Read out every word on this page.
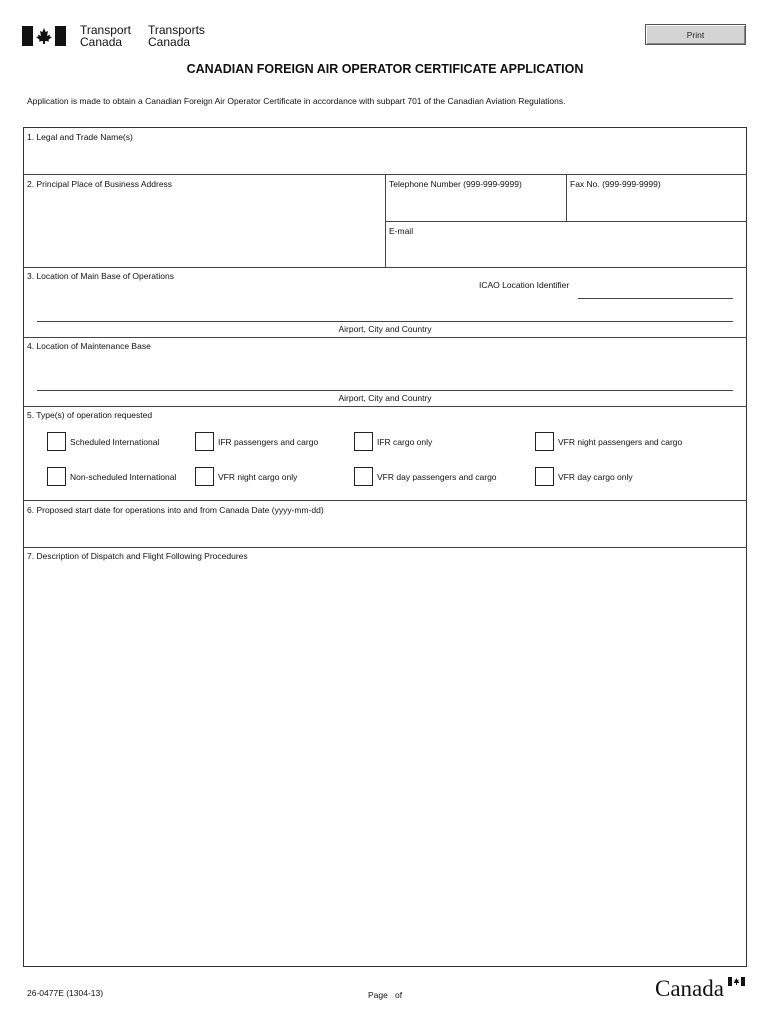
Transport
Canada
Transports
Canada
Print
CANADIAN FOREIGN AIR OPERATOR CERTIFICATE APPLICATION
Application is made to obtain a Canadian Foreign Air Operator Certificate in accordance with subpart 701 of the Canadian Aviation Regulations.
1. Legal and Trade Name(s)
2. Principal Place of Business Address	Telephone Number (999-999-9999)	Fax No. (999-999-9999)
E-mail
3. Location of Main Base of Operations
ICAO Location Identifier
Airport, City and Country
4. Location of Maintenance Base
Airport, City and Country
5. Type(s) of operation requested
Scheduled International	IFR passengers and cargo	IFR cargo only	VFR night passengers and cargo
Non-scheduled International	VFR night cargo only	VFR day passengers and cargo	VFR day cargo only
6. Proposed start date for operations into and from Canada Date (yyyy-mm-dd)
7. Description of Dispatch and Flight Following Procedures
26-0477E (1304-13)	Page of	Canada
